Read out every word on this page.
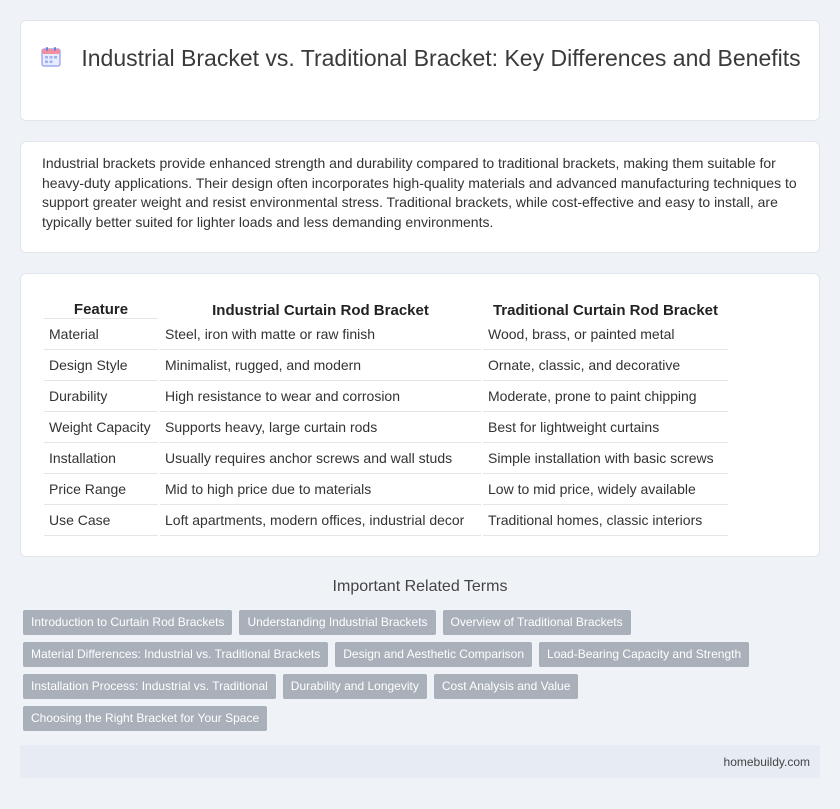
Industrial Bracket vs. Traditional Bracket: Key Differences and Benefits

Industrial brackets provide enhanced strength and durability compared to traditional brackets, making them suitable for heavy-duty applications. Their design often incorporates high-quality materials and advanced manufacturing techniques to support greater weight and resist environmental stress. Traditional brackets, while cost-effective and easy to install, are typically better suited for lighter loads and less demanding environments.

Feature	Industrial Curtain Rod Bracket	Traditional Curtain Rod Bracket
Material	Steel, iron with matte or raw finish	Wood, brass, or painted metal
Design Style	Minimalist, rugged, and modern	Ornate, classic, and decorative
Durability	High resistance to wear and corrosion	Moderate, prone to paint chipping
Weight Capacity	Supports heavy, large curtain rods	Best for lightweight curtains
Installation	Usually requires anchor screws and wall studs	Simple installation with basic screws
Price Range	Mid to high price due to materials	Low to mid price, widely available
Use Case	Loft apartments, modern offices, industrial decor	Traditional homes, classic interiors
Important Related Terms
Introduction to Curtain Rod Brackets Understanding Industrial Brackets Overview of Traditional Brackets
Material Differences: Industrial vs. Traditional Brackets Design and Aesthetic Comparison Load-Bearing Capacity and Strength
Installation Process: Industrial vs. Traditional Durability and Longevity Cost Analysis and Value
Choosing the Right Bracket for Your Space
homebuildy.com
